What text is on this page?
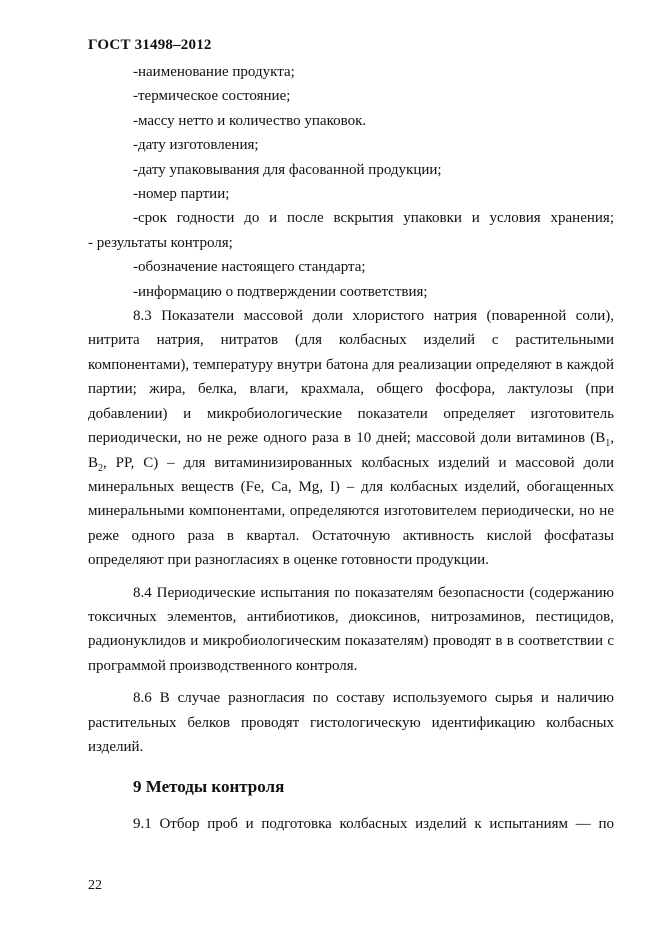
ГОСТ 31498–2012
-наименование продукта;
-термическое состояние;
-массу нетто и количество упаковок.
-дату изготовления;
-дату упаковывания для фасованной продукции;
-номер партии;
-срок годности до и после вскрытия упаковки и условия хранения;
- результаты контроля;
-обозначение настоящего стандарта;
-информацию о подтверждении соответствия;
8.3 Показатели массовой доли хлористого натрия (поваренной соли), нитрита натрия, нитратов (для колбасных изделий с растительными компонентами), температуру внутри батона для реализации определяют в каждой партии; жира, белка, влаги, крахмала, общего фосфора, лактулозы (при добавлении) и микробиологические показатели определяет изготовитель периодически, но не реже одного раза в 10 дней; массовой доли витаминов ($B_1$, $B_2$, PP, C) – для витаминизированных колбасных изделий и массовой доли минеральных веществ (Fe, Ca, Mg, I) – для колбасных изделий, обогащенных минеральными компонентами, определяются изготовителем периодически, но не реже одного раза в квартал. Остаточную активность кислой фосфатазы определяют при разногласиях в оценке готовности продукции.
8.4 Периодические испытания по показателям безопасности (содержанию токсичных элементов, антибиотиков, диоксинов, нитрозаминов, пестицидов, радионуклидов и микробиологическим показателям) проводят в в соответствии с программой производственного контроля.
8.6 В случае разногласия по составу используемого сырья и наличию растительных белков проводят гистологическую идентификацию колбасных изделий.
9 Методы контроля
9.1 Отбор проб и подготовка колбасных изделий к испытаниям — по
22
